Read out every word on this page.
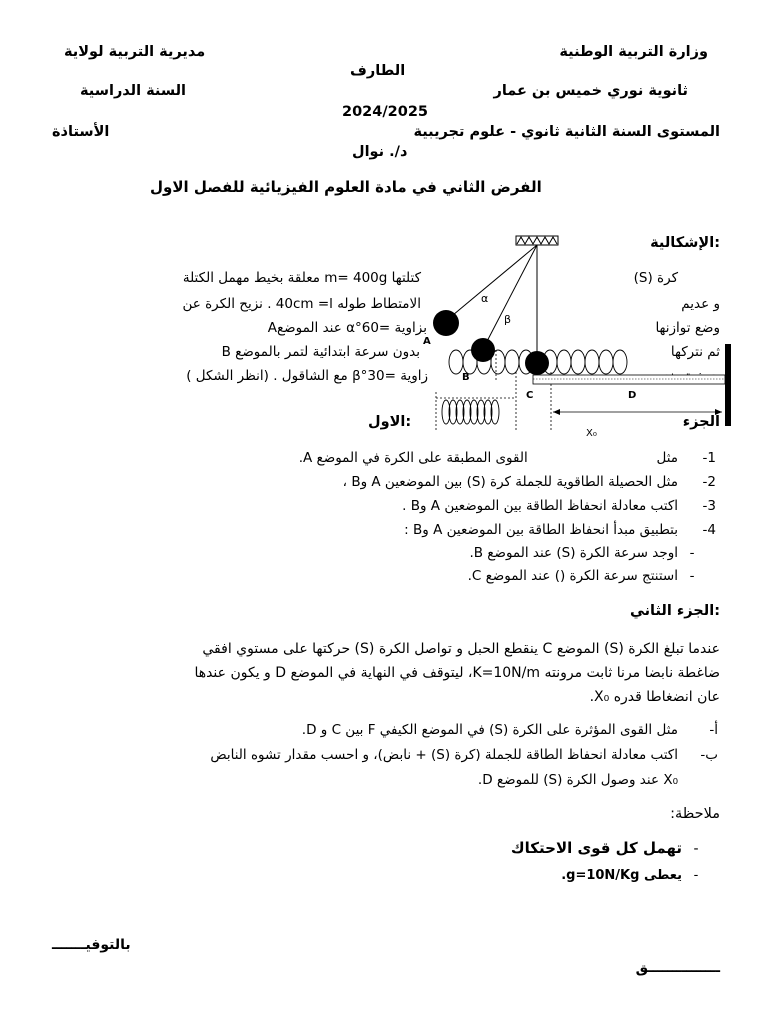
وزارة التربية الوطنية
مديرية التربية لولاية
الطارف
ثانوية نوري خميس بن عمار
السنة الدراسية
2024/2025
المستوى السنة الثانية ثانوي - علوم تجريبية
الأستاذة
د/. نوال
الفرض الثاني في مادة العلوم الفيزيائية للفصل الاول
الإشكالية:
كرة (S)
و عديم
وضع توازنها
ثم نتركها
كتلتها m= 400g معلقة بخيط مهمل الكتلة
الامتطاط طوله 40cm =l . نزيح الكرة عن
بزاوية =α°60 عند الموضعA
بدون سرعة ابتدائية لتمر بالموضع B
زاوية =β°30 مع الشاقول . (انظر الشكل )
α
β
A
B
C	D
X₀
الجزء
الاول:
1-مثل                              القوى المطبقة على الكرة في الموضع A.
2-مثل الحصيلة الطاقوية للجملة كرة (S) بين الموضعين A وB ،
3-اكتب معادلة انحفاظ الطاقة بين الموضعين A وB .
4-بتطبيق مبدأ انحفاظ الطاقة بين الموضعين A وB :
-اوجد سرعة الكرة (S) عند الموضع B.
-استنتج سرعة الكرة () عند الموضع C.
الجزء الثاني:
عندما تبلغ الكرة (S) الموضع C ينقطع الحبل و تواصل الكرة (S) حركتها على مستوي افقي
ضاغطة نابضا مرنا ثابت مرونته K=10N/m، ليتوقف في النهاية في الموضع D و يكون عندها
عان انضغاطا قدره X₀.
أ-مثل القوى المؤثرة على الكرة (S) في الموضع الكيفي F بين C و D.
ب-اكتب معادلة انحفاظ الطاقة للجملة (كرة (S) + نابض)، و احسب مقدار تشوه النابض
X₀ عند وصول الكرة (S) للموضع D.
ملاحظة:
-تهمل كل قوى الاحتكاك
-يعطى g=10N/Kg.
بالتوفيـــــــ
ـــــــــــــــق
